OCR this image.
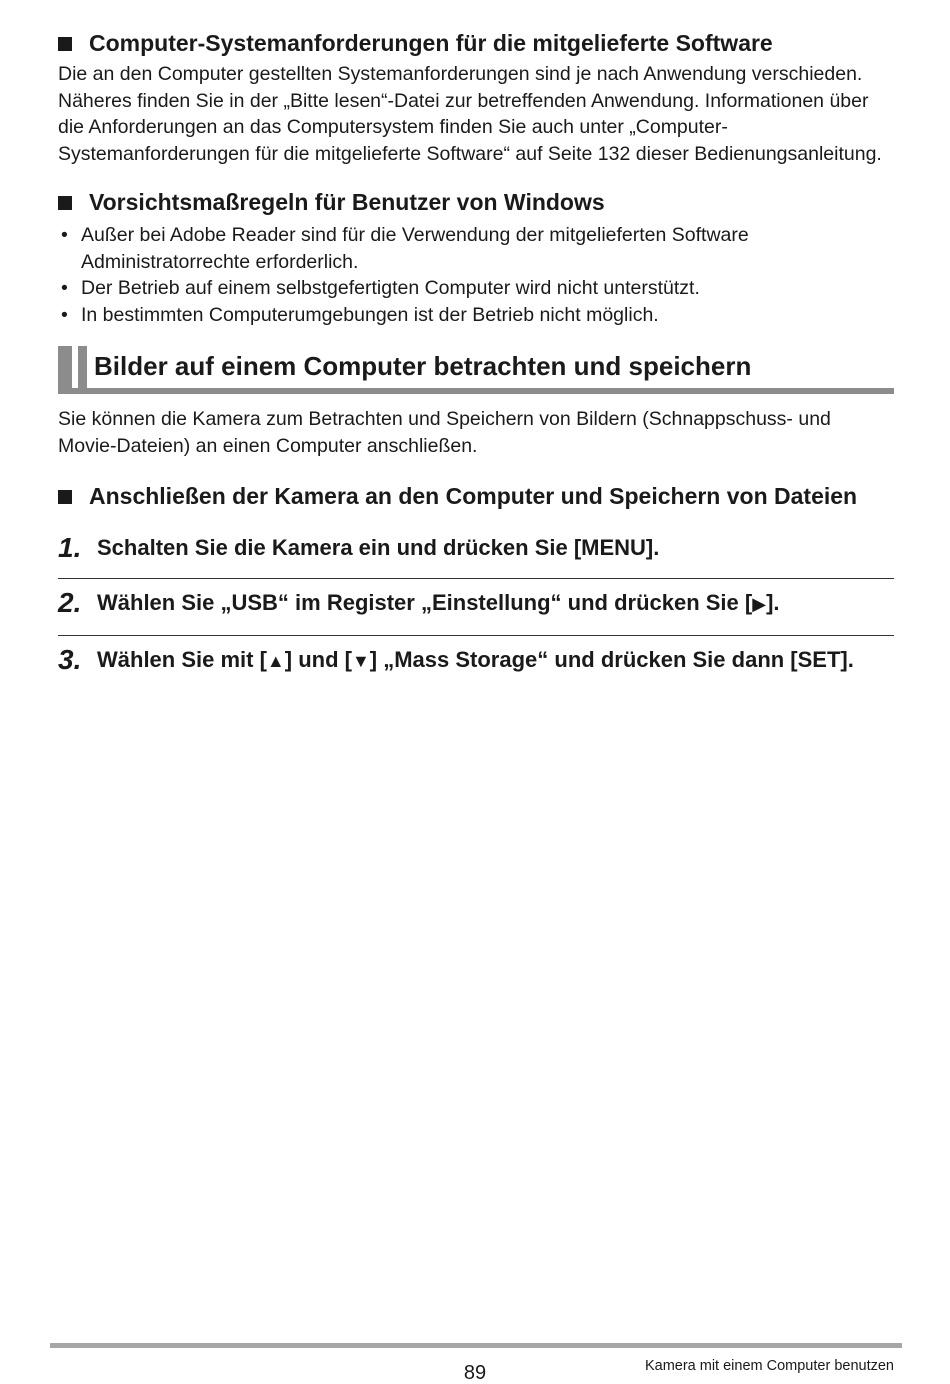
Computer-Systemanforderungen für die mitgelieferte Software

Die an den Computer gestellten Systemanforderungen sind je nach Anwendung verschieden. Näheres finden Sie in der „Bitte lesen“-Datei zur betreffenden Anwendung. Informationen über die Anforderungen an das Computersystem finden Sie auch unter „Computer-Systemanforderungen für die mitgelieferte Software“ auf Seite 132 dieser Bedienungsanleitung.

Vorsichtsmaßregeln für Benutzer von Windows
• Außer bei Adobe Reader sind für die Verwendung der mitgelieferten Software Administratorrechte erforderlich.
• Der Betrieb auf einem selbstgefertigten Computer wird nicht unterstützt.
• In bestimmten Computerumgebungen ist der Betrieb nicht möglich.
Bilder auf einem Computer betrachten und speichern

Sie können die Kamera zum Betrachten und Speichern von Bildern (Schnappschuss- und Movie-Dateien) an einen Computer anschließen.

Anschließen der Kamera an den Computer und Speichern von Dateien
1. Schalten Sie die Kamera ein und drücken Sie [MENU].
2. Wählen Sie „USB“ im Register „Einstellung“ und drücken Sie [▶].
3. Wählen Sie mit [▲] und [▼] „Mass Storage“ und drücken Sie dann [SET].
89	Kamera mit einem Computer benutzen
